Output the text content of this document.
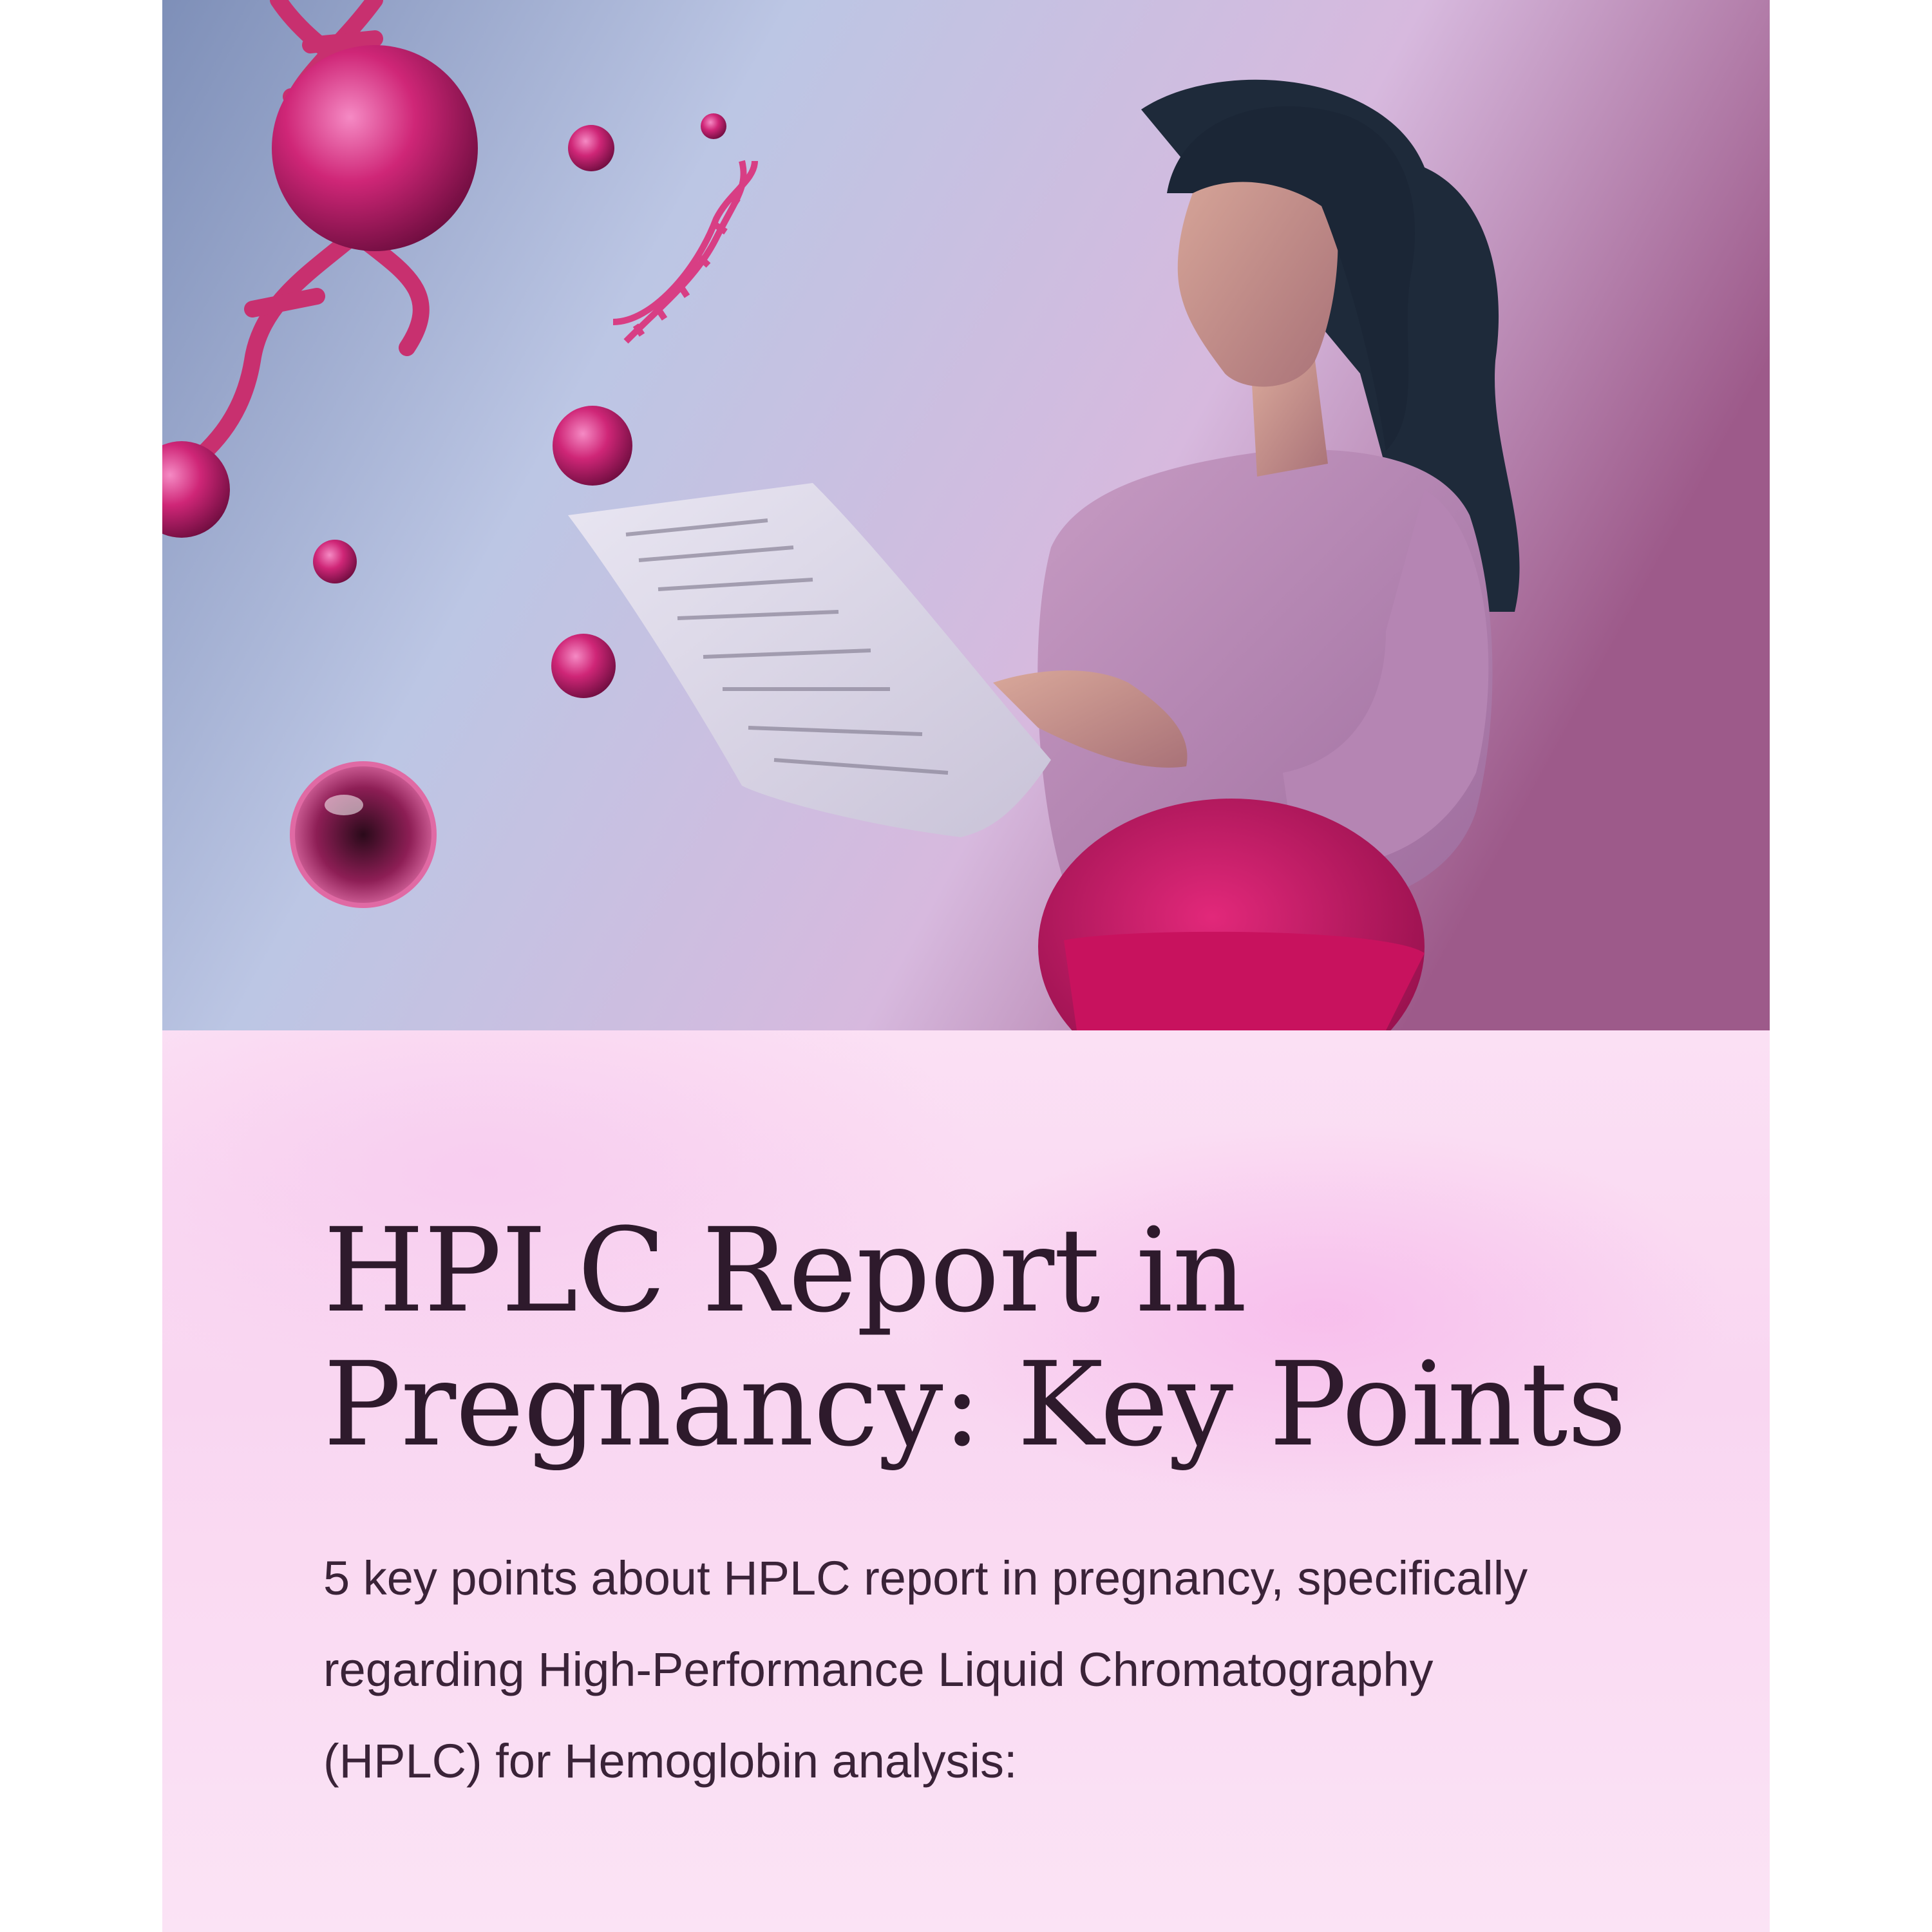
HPLC Report in Pregnancy: Key Points

5 key points about HPLC report in pregnancy, specifically regarding High-Performance Liquid Chromatography (HPLC) for Hemoglobin analysis:
